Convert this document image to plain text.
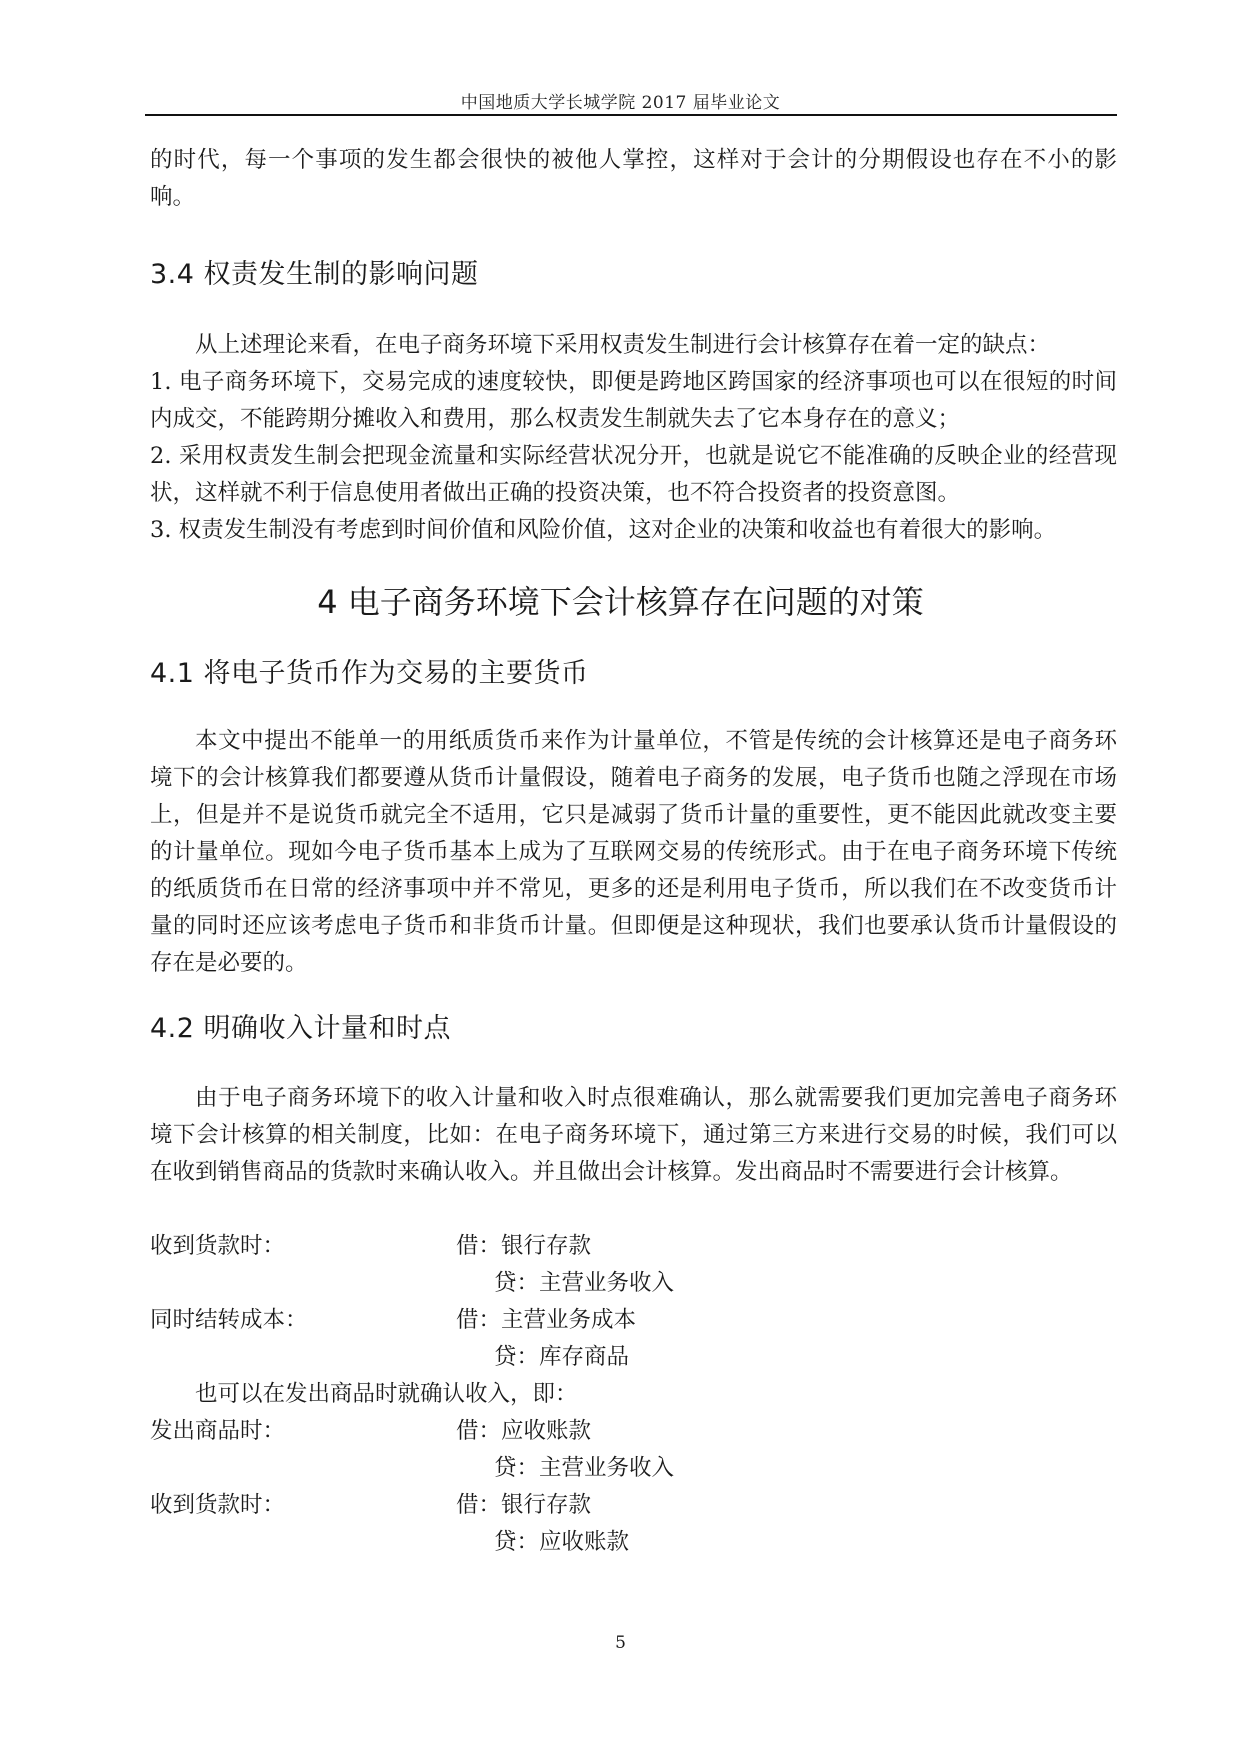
中国地质大学长城学院 2017 届毕业论文
的时代，每一个事项的发生都会很快的被他人掌控，这样对于会计的分期假设也存在不小的影响。
3.4 权责发生制的影响问题
从上述理论来看，在电子商务环境下采用权责发生制进行会计核算存在着一定的缺点：
1. 电子商务环境下，交易完成的速度较快，即便是跨地区跨国家的经济事项也可以在很短的时间内成交，不能跨期分摊收入和费用，那么权责发生制就失去了它本身存在的意义；
2. 采用权责发生制会把现金流量和实际经营状况分开，也就是说它不能准确的反映企业的经营现状，这样就不利于信息使用者做出正确的投资决策，也不符合投资者的投资意图。
3. 权责发生制没有考虑到时间价值和风险价值，这对企业的决策和收益也有着很大的影响。
4 电子商务环境下会计核算存在问题的对策
4.1 将电子货币作为交易的主要货币
本文中提出不能单一的用纸质货币来作为计量单位，不管是传统的会计核算还是电子商务环境下的会计核算我们都要遵从货币计量假设，随着电子商务的发展，电子货币也随之浮现在市场上，但是并不是说货币就完全不适用，它只是减弱了货币计量的重要性，更不能因此就改变主要的计量单位。现如今电子货币基本上成为了互联网交易的传统形式。由于在电子商务环境下传统的纸质货币在日常的经济事项中并不常见，更多的还是利用电子货币，所以我们在不改变货币计量的同时还应该考虑电子货币和非货币计量。但即便是这种现状，我们也要承认货币计量假设的存在是必要的。
4.2 明确收入计量和时点
由于电子商务环境下的收入计量和收入时点很难确认，那么就需要我们更加完善电子商务环境下会计核算的相关制度，比如：在电子商务环境下，通过第三方来进行交易的时候，我们可以在收到销售商品的货款时来确认收入。并且做出会计核算。发出商品时不需要进行会计核算。
收到货款时：	借：银行存款
贷：主营业务收入
同时结转成本：	借：主营业务成本
贷：库存商品
也可以在发出商品时就确认收入，即：
发出商品时：	借：应收账款
贷：主营业务收入
收到货款时：	借：银行存款
贷：应收账款
5
